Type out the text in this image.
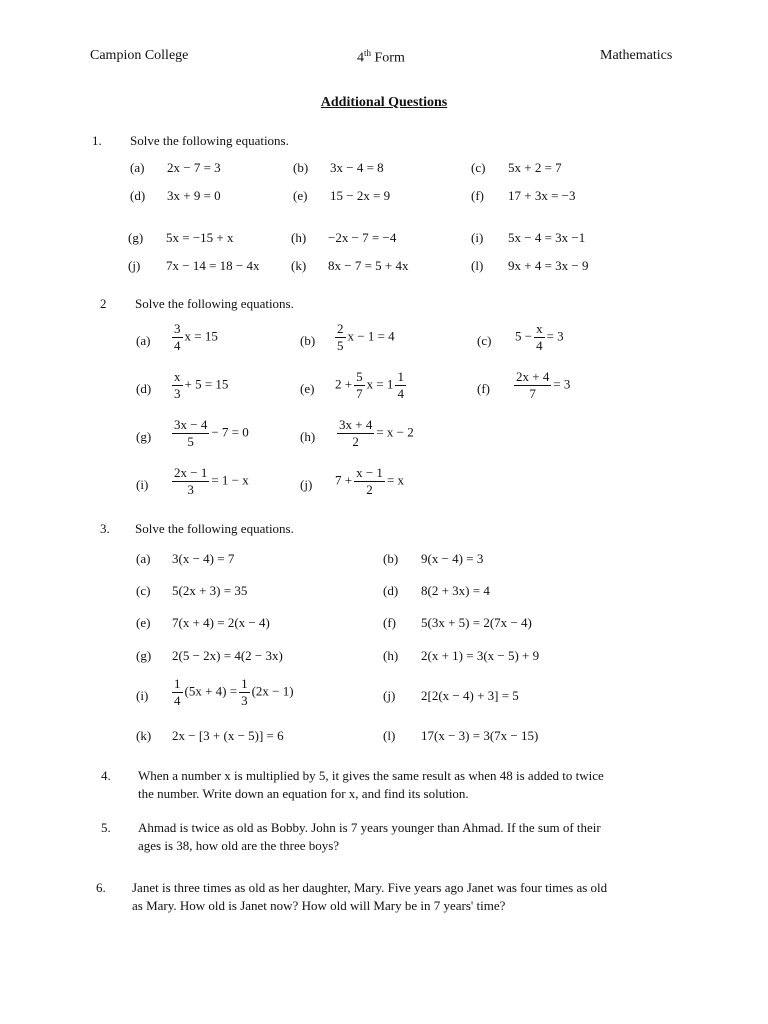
Campion College	4th Form	Mathematics
Additional Questions
1. Solve the following equations.
(a) 2x − 7 = 3	(b) 3x − 4 = 8	(c) 5x + 2 = 7
(d) 3x + 9 = 0	(e) 15 − 2x = 9	(f) 17 + 3x = −3
(g) 5x = −15 + x	(h) −2x − 7 = −4	(i) 5x − 4 = 3x −1
(j) 7x − 14 = 18 − 4x (k) 8x − 7 = 5 + 4x	(l) 9x + 4 = 3x − 9
2 Solve the following equations.
$(a) \frac{3}{4}$ x = 15	$(b) \frac{2}{5}$ x − 1 = 4	(c) $5 - \frac{x}{4} = 3$
$(d) \frac{x}{3} + 5 = 15$	(e) $2 + \frac{5}{7}$ $x = 1 \frac{1}{4}$	$(f) \frac{2x + 4}{7} = 3$
$(g) \frac{3x - 4}{5} - 7 = 0$	$(h) \frac{3x + 4}{2} = x - 2$
$(i) \frac{2x - 1}{3} = 1 - x$	(j) $7 + \frac{x - 1}{2} = x$
3. Solve the following equations.
(a) 3(x − 4) = 7	(b) 9(x − 4) = 3
(c) 5(2x + 3) = 35	(d) 8(2 + 3x) = 4
(e) 7(x + 4) = 2(x − 4)	(f) 5(3x + 5) = 2(7x − 4)
(g) 2(5 − 2x) = 4(2 − 3x)	(h) 2(x + 1) = 3(x − 5) + 9
$(i) \frac{1}{4} (5x + 4) = \frac{1}{3} (2x - 1)$	(j) 2[2(x − 4) + 3] = 5
(k) 2x − [3 + (x − 5)] = 6	(l) 17(x − 3) = 3(7x − 15)
4. When a number x is multiplied by 5, it gives the same result as when 48 is added to twice the number. Write down an equation for x, and find its solution.
5. Ahmad is twice as old as Bobby. John is 7 years younger than Ahmad. If the sum of their ages is 38, how old are the three boys?
6. Janet is three times as old as her daughter, Mary. Five years ago Janet was four times as old as Mary. How old is Janet now? How old will Mary be in 7 years' time?
